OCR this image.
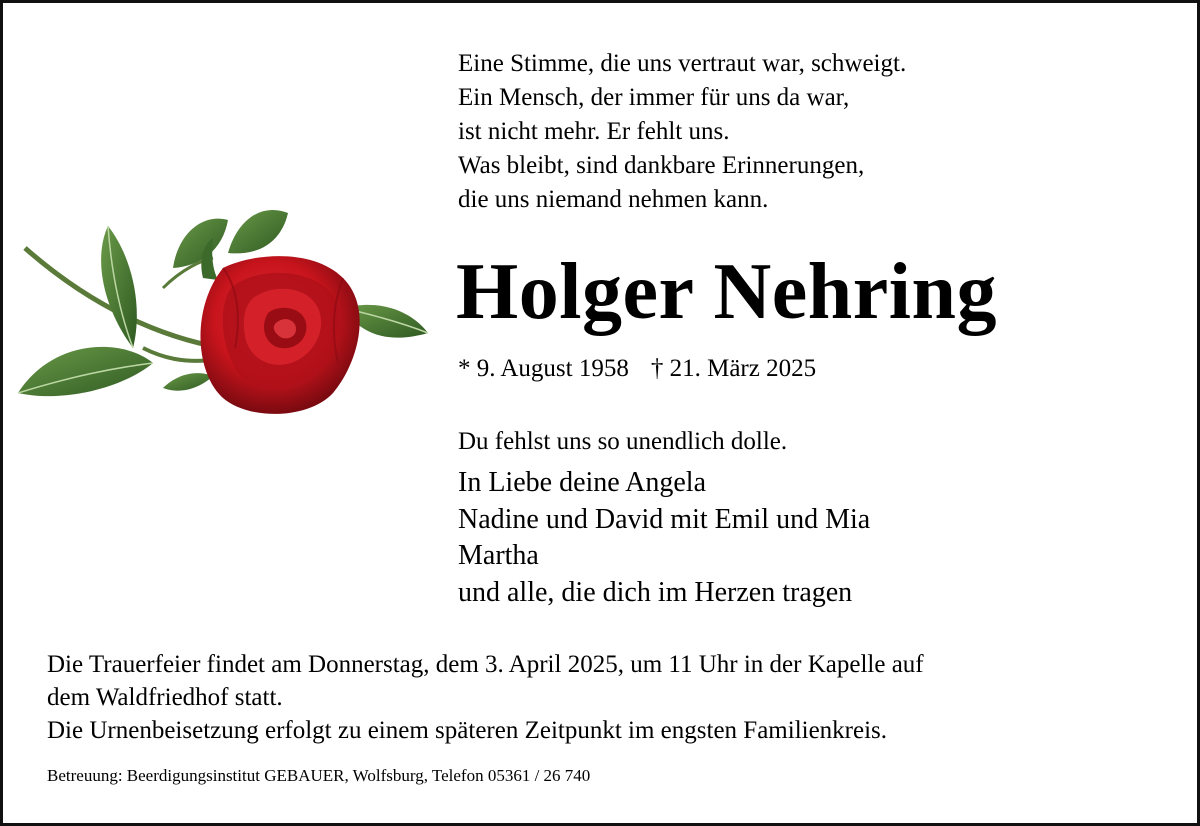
Eine Stimme, die uns vertraut war, schweigt.
Ein Mensch, der immer für uns da war,
ist nicht mehr. Er fehlt uns.
Was bleibt, sind dankbare Erinnerungen,
die uns niemand nehmen kann.
Holger Nehring
* 9. August 1958 † 21. März 2025
Du fehlst uns so unendlich dolle.
In Liebe deine Angela
Nadine und David mit Emil und Mia
Martha
und alle, die dich im Herzen tragen
Die Trauerfeier findet am Donnerstag, dem 3. April 2025, um 11 Uhr in der Kapelle auf
dem Waldfriedhof statt.
Die Urnenbeisetzung erfolgt zu einem späteren Zeitpunkt im engsten Familienkreis.
Betreuung: Beerdigungsinstitut GEBAUER, Wolfsburg, Telefon 05361 / 26 740
